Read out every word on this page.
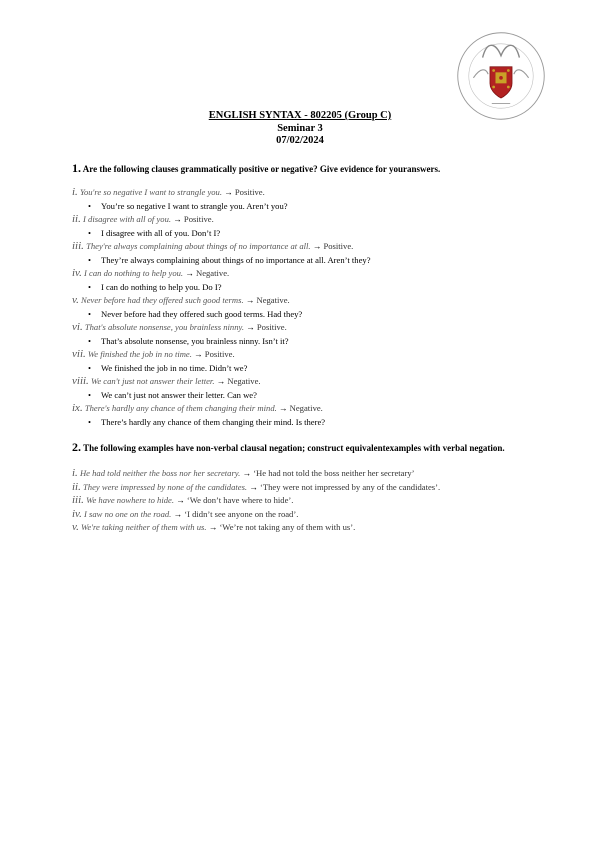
ENGLISH SYNTAX - 802205 (Group C)
Seminar 3
07/02/2024
1. Are the following clauses grammatically positive or negative? Give evidence for youranswers.
i. You're so negative I want to strangle you. → Positive.
• You’re so negative I want to strangle you. Aren’t you?
ii. I disagree with all of you. → Positive.
• I disagree with all of you. Don’t I?
iii. They're always complaining about things of no importance at all. → Positive.
• They’re always complaining about things of no importance at all. Aren’t they?
iv. I can do nothing to help you. → Negative.
• I can do nothing to help you. Do I?
v. Never before had they offered such good terms. → Negative.
• Never before had they offered such good terms. Had they?
vi. That's absolute nonsense, you brainless ninny. → Positive.
• That’s absolute nonsense, you brainless ninny. Isn’t it?
vii. We finished the job in no time. → Positive.
• We finished the job in no time. Didn’t we?
viii. We can't just not answer their letter. → Negative.
• We can’t just not answer their letter. Can we?
ix. There's hardly any chance of them changing their mind. → Negative.
• There’s hardly any chance of them changing their mind. Is there?
2. The following examples have non-verbal clausal negation; construct equivalentexamples with verbal negation.
i. He had told neither the boss nor her secretary. → ‘He had not told the boss neither her secretary’
ii. They were impressed by none of the candidates. → ‘They were not impressed by any of the candidates’.
iii. We have nowhere to hide. → ‘We don’t have where to hide’.
iv. I saw no one on the road. → ‘I didn’t see anyone on the road’.
v. We're taking neither of them with us. → ‘We’re not taking any of them with us’.
